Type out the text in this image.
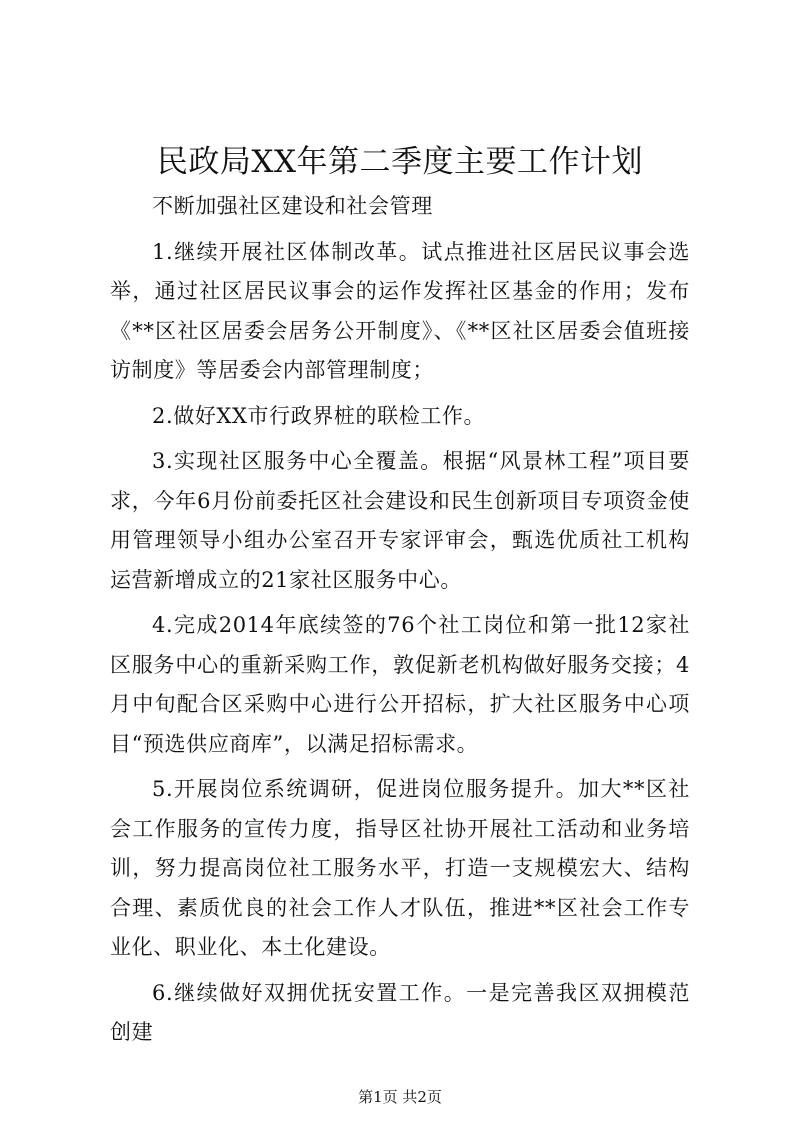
民政局XX年第二季度主要工作计划

不断加强社区建设和社会管理

1.继续开展社区体制改革。试点推进社区居民议事会选举，通过社区居民议事会的运作发挥社区基金的作用；发布《**区社区居委会居务公开制度》、《**区社区居委会值班接访制度》等居委会内部管理制度；

2.做好XX市行政界桩的联检工作。

3.实现社区服务中心全覆盖。根据“风景林工程”项目要求，今年6月份前委托区社会建设和民生创新项目专项资金使用管理领导小组办公室召开专家评审会，甄选优质社工机构运营新增成立的21家社区服务中心。

4.完成2014年底续签的76个社工岗位和第一批12家社区服务中心的重新采购工作，敦促新老机构做好服务交接；4月中旬配合区采购中心进行公开招标，扩大社区服务中心项目“预选供应商库”，以满足招标需求。

5.开展岗位系统调研，促进岗位服务提升。加大**区社会工作服务的宣传力度，指导区社协开展社工活动和业务培训，努力提高岗位社工服务水平，打造一支规模宏大、结构合理、素质优良的社会工作人才队伍，推进**区社会工作专业化、职业化、本土化建设。

6.继续做好双拥优抚安置工作。一是完善我区双拥模范创建

第1页 共2页
